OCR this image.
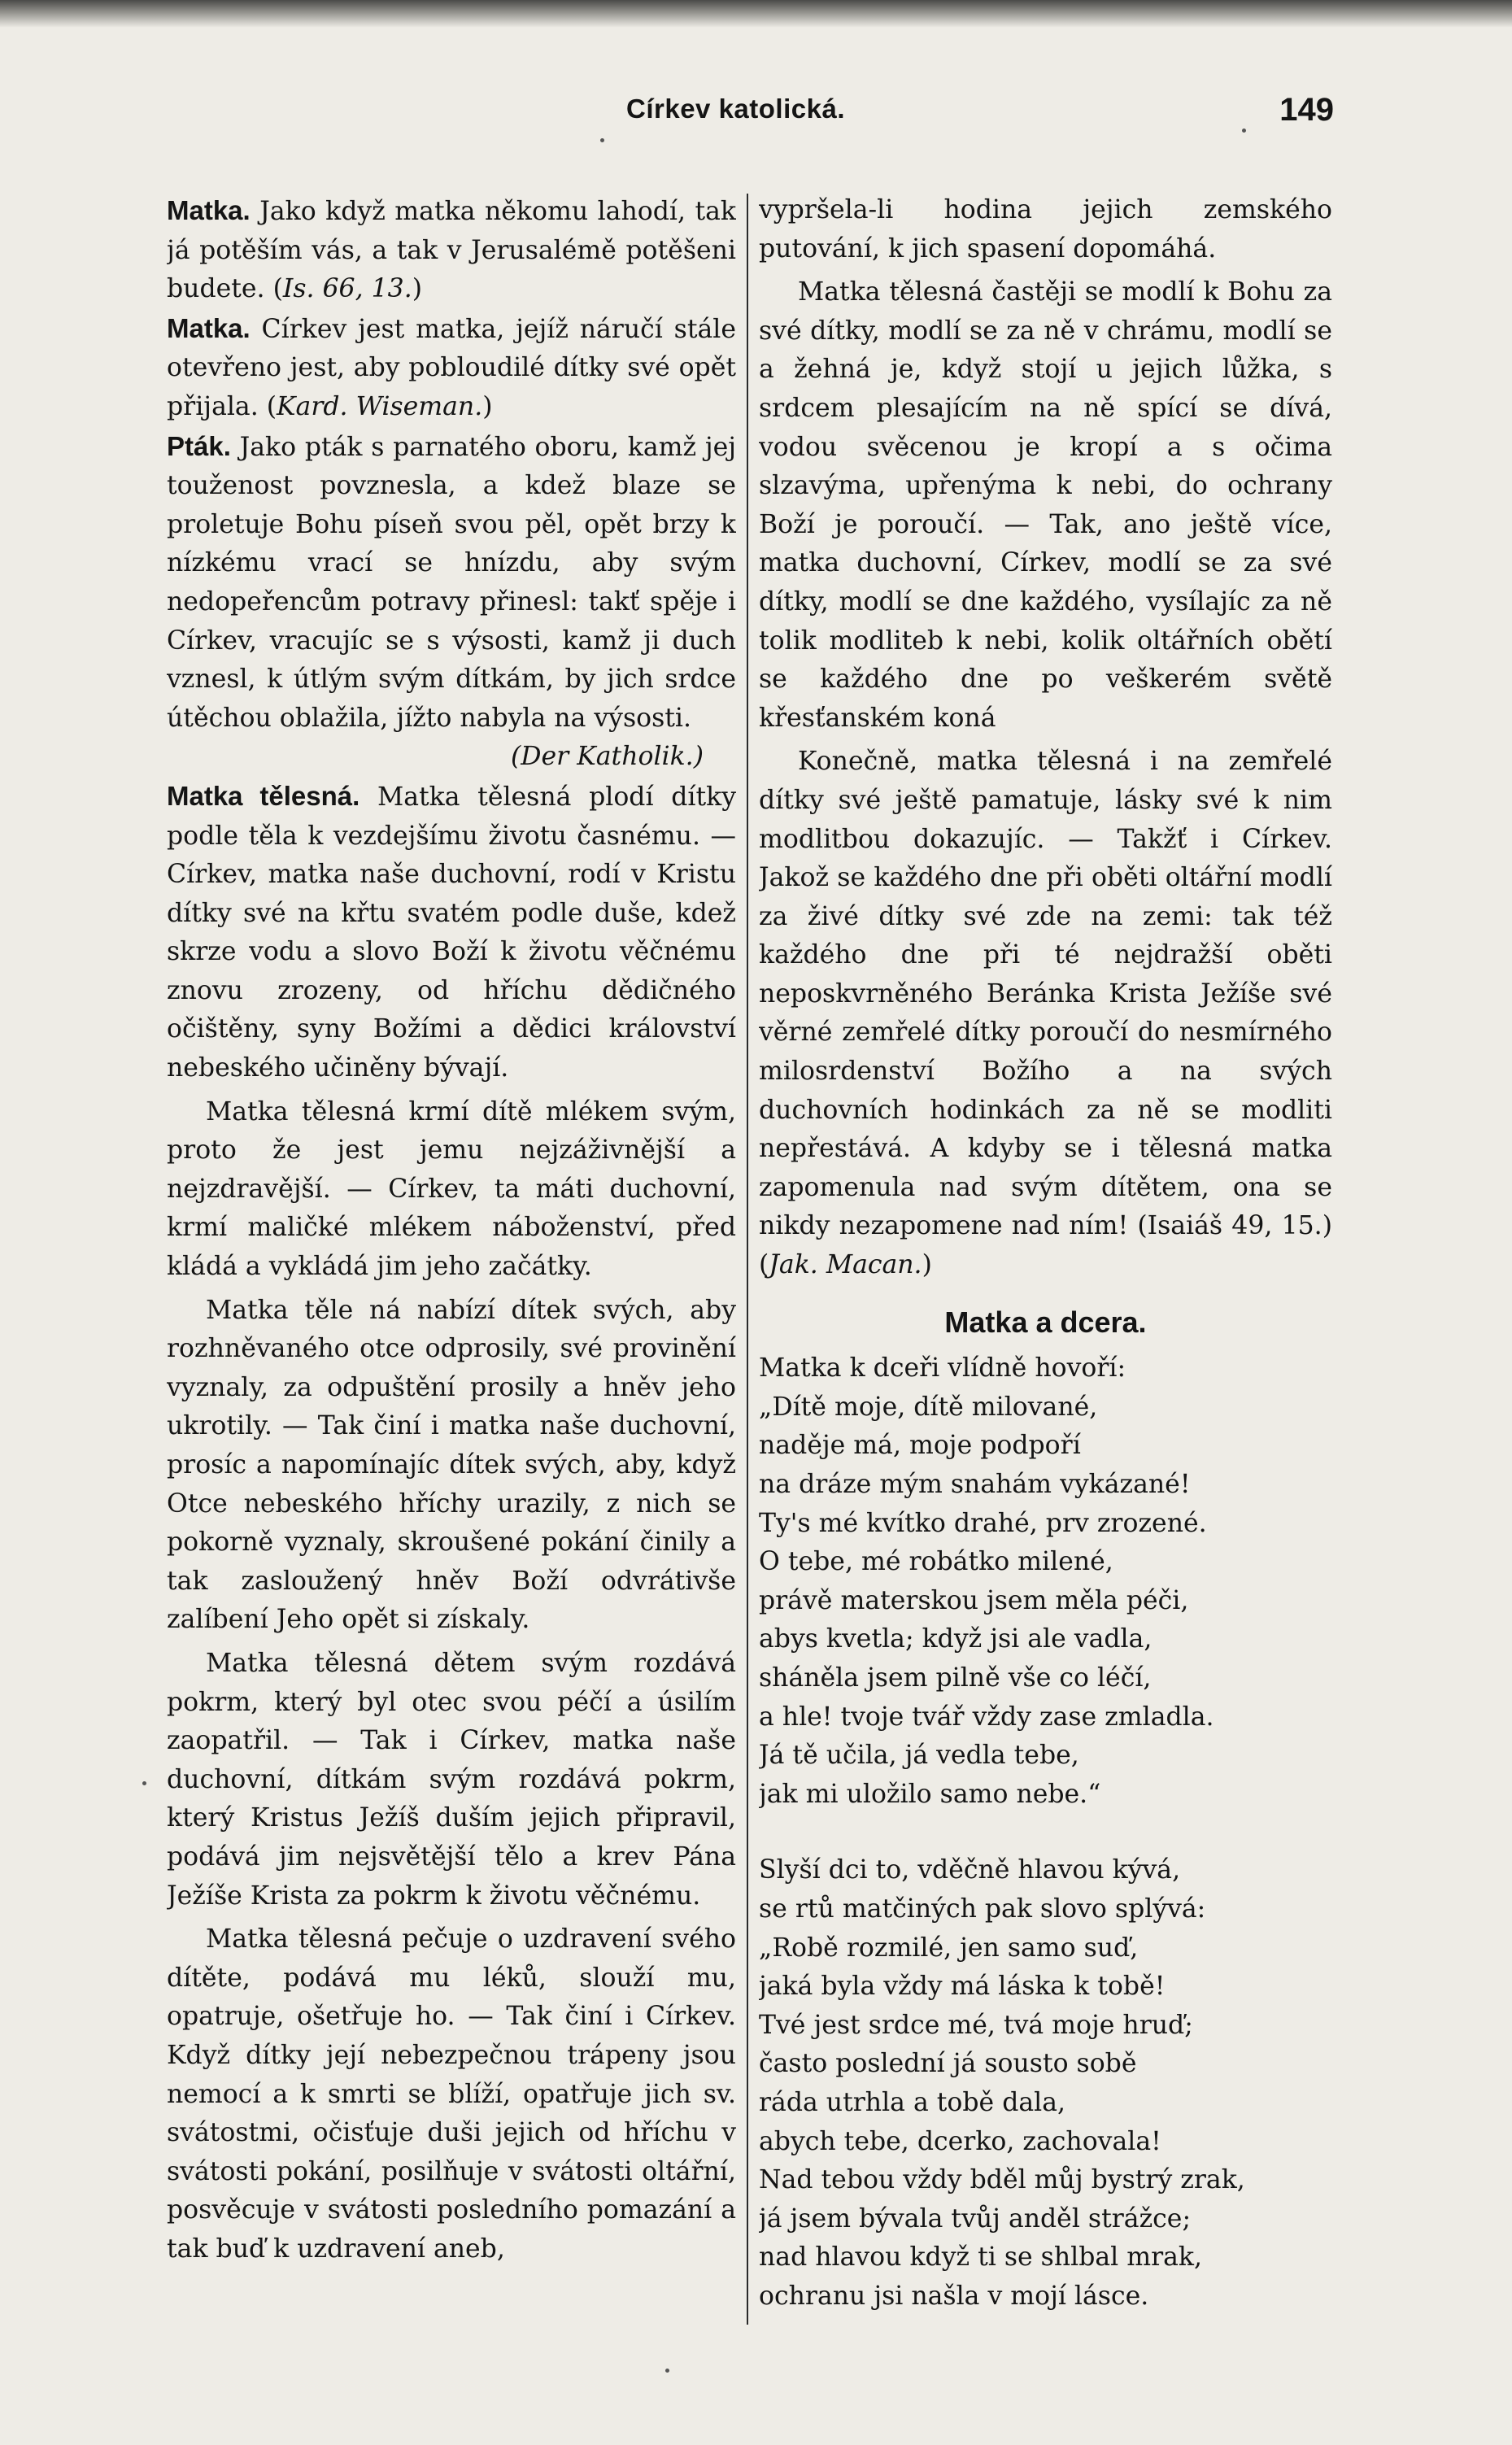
Církev katolická.	149

Matka. Jako když matka někomu lahodí, tak já potěším vás, a tak v Jerusalémě potěšeni budete. (Is. 66, 13.)

Matka. Církev jest matka, jejíž náručí stále otevřeno jest, aby pobloudilé dítky své opět přijala. (Kard. Wiseman.)

Pták. Jako pták s parnatého oboru, kamž jej touženost povznesla, a kdež blaze se proletuje Bohu píseň svou pěl, opět brzy k nízkému vrací se hnízdu, aby svým nedopeřencům potravy přinesl: takť spěje i Církev, vracujíc se s výsosti, kamž ji duch vznesl, k útlým svým dítkám, by jich srdce útěchou oblažila, jížto nabyla na výsosti.
(Der Katholik.)

Matka tělesná. Matka tělesná plodí dítky podle těla k vezdejšímu životu časnému. — Církev, matka naše duchovní, rodí v Kristu dítky své na křtu svatém podle duše, kdež skrze vodu a slovo Boží k životu věčnému znovu zrozeny, od hříchu dědičného očištěny, syny Božími a dědici království nebeského učiněny bývají.

Matka tělesná krmí dítě mlékem svým, proto že jest jemu nejzáživnější a nejzdravější. — Církev, ta máti duchovní, krmí maličké mlékem náboženství, před kládá a vykládá jim jeho začátky.

Matka těle ná nabízí dítek svých, aby rozhněvaného otce odprosily, své provinění vyznaly, za odpuštění prosily a hněv jeho ukrotily. — Tak činí i matka naše duchovní, prosíc a napomínajíc dítek svých, aby, když Otce nebeského hříchy urazily, z nich se pokorně vyznaly, skroušené pokání činily a tak zasloužený hněv Boží odvrátivše zalíbení Jeho opět si získaly.

Matka tělesná dětem svým rozdává pokrm, který byl otec svou péčí a úsilím zaopatřil. — Tak i Církev, matka naše duchovní, dítkám svým rozdává pokrm, který Kristus Ježíš duším jejich připravil, podává jim nejsvětější tělo a krev Pána Ježíše Krista za pokrm k životu věčnému.

Matka tělesná pečuje o uzdravení svého dítěte, podává mu léků, slouží mu, opatruje, ošetřuje ho. — Tak činí i Církev. Když dítky její nebezpečnou trápeny jsou nemocí a k smrti se blíží, opatřuje jich sv. svátostmi, očisťuje duši jejich od hříchu v svátosti pokání, posilňuje v svátosti oltářní, posvěcuje v svátosti posledního pomazání a tak buď k uzdravení aneb,

vypršela-li hodina jejich zemského putování, k jich spasení dopomáhá.

Matka tělesná častěji se modlí k Bohu za své dítky, modlí se za ně v chrámu, modlí se a žehná je, když stojí u jejich lůžka, s srdcem plesajícím na ně spící se dívá, vodou svěcenou je kropí a s očima slzavýma, upřenýma k nebi, do ochrany Boží je poroučí. — Tak, ano ještě více, matka duchovní, Církev, modlí se za své dítky, modlí se dne každého, vysílajíc za ně tolik modliteb k nebi, kolik oltářních obětí se každého dne po veškerém světě křesťanském koná

Konečně, matka tělesná i na zemřelé dítky své ještě pamatuje, lásky své k nim modlitbou dokazujíc. — Takžť i Církev. Jakož se každého dne při oběti oltářní modlí za živé dítky své zde na zemi: tak též každého dne při té nejdražší oběti neposkvrněného Beránka Krista Ježíše své věrné zemřelé dítky poroučí do nesmírného milosrdenství Božího a na svých duchovních hodinkách za ně se modliti nepřestává. A kdyby se i tělesná matka zapomenula nad svým dítětem, ona se nikdy nezapomene nad ním! (Isaiáš 49, 15.) (Jak. Macan.)

Matka a dcera.
Matka k dceři vlídně hovoří:
„Dítě moje, dítě milované,
naděje má, moje podpoří
na dráze mým snahám vykázané!
Ty's mé kvítko drahé, prv zrozené.
O tebe, mé robátko milené,
právě materskou jsem měla péči,
abys kvetla; když jsi ale vadla,
sháněla jsem pilně vše co léčí,
a hle! tvoje tvář vždy zase zmladla.
Já tě učila, já vedla tebe,
jak mi uložilo samo nebe.“
Slyší dci to, vděčně hlavou kývá,
se rtů matčiných pak slovo splývá:
„Robě rozmilé, jen samo suď,
jaká byla vždy má láska k tobě!
Tvé jest srdce mé, tvá moje hruď;
často poslední já sousto sobě
ráda utrhla a tobě dala,
abych tebe, dcerko, zachovala!
Nad tebou vždy bděl můj bystrý zrak,
já jsem bývala tvůj anděl strážce;
nad hlavou když ti se shlbal mrak,
ochranu jsi našla v mojí lásce.
